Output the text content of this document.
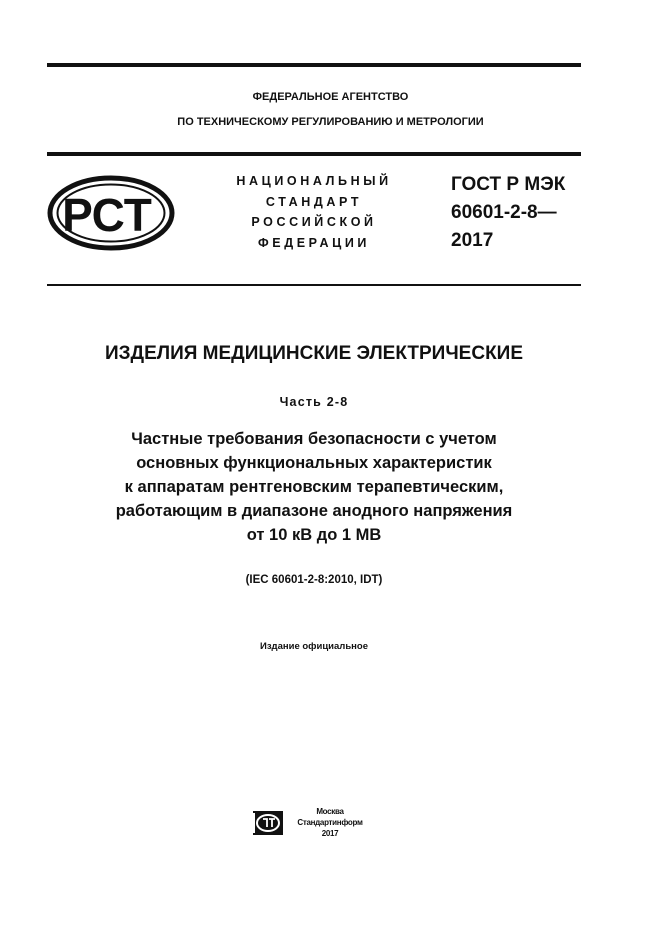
ФЕДЕРАЛЬНОЕ АГЕНТСТВО
ПО ТЕХНИЧЕСКОМУ РЕГУЛИРОВАНИЮ И МЕТРОЛОГИИ
РСТ
НАЦИОНАЛЬНЫЙ
СТАНДАРТ
РОССИЙСКОЙ
ФЕДЕРАЦИИ
ГОСТ Р МЭК
60601-2-8—
2017
ИЗДЕЛИЯ МЕДИЦИНСКИЕ ЭЛЕКТРИЧЕСКИЕ
Часть 2-8
Частные требования безопасности с учетом
основных функциональных характеристик
к аппаратам рентгеновским терапевтическим,
работающим в диапазоне анодного напряжения
от 10 кВ до 1 МВ
(IEC 60601-2-8:2010, IDT)
Издание официальное
Москва
Стандартинформ
2017
